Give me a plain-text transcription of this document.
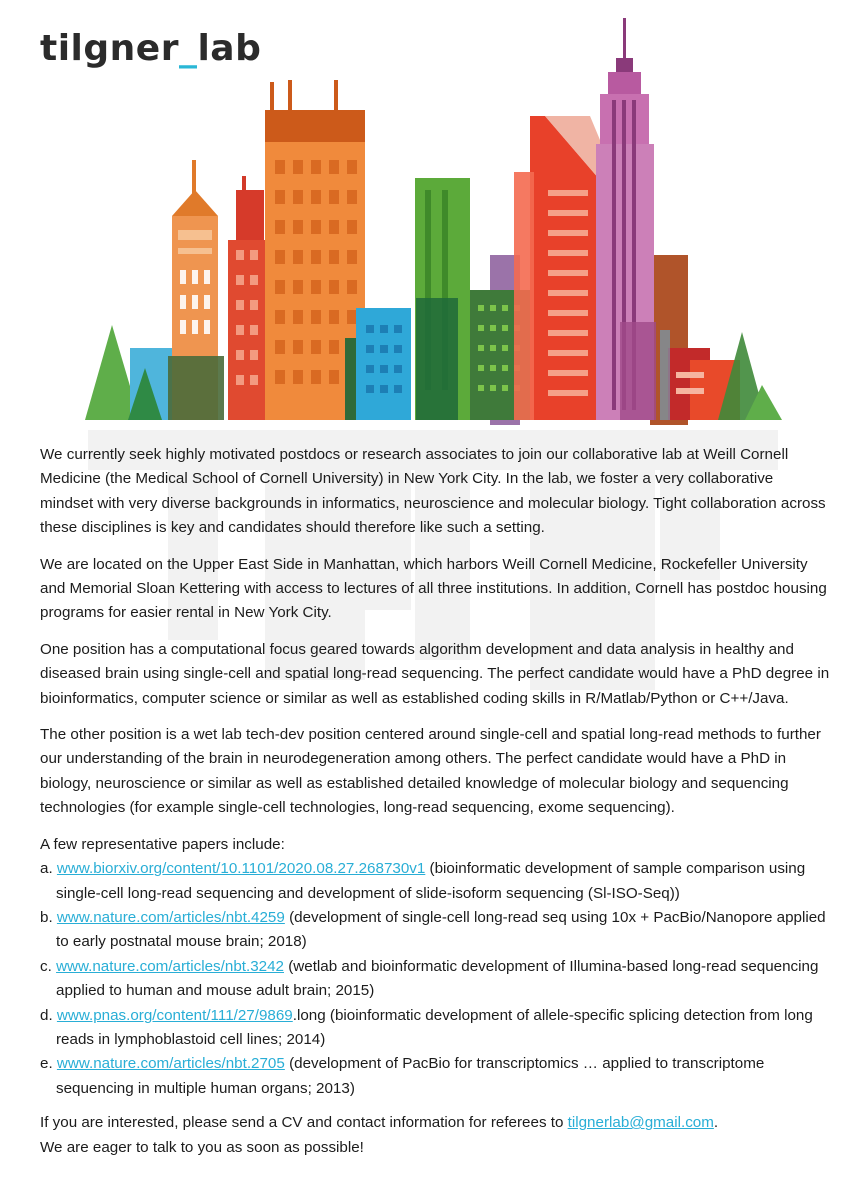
tilgner_lab

We currently seek highly motivated postdocs or research associates to join our collaborative lab at Weill Cornell Medicine (the Medical School of Cornell University) in New York City. In the lab, we foster a very collaborative mindset with very diverse backgrounds in informatics, neuroscience and molecular biology. Tight collaboration across these disciplines is key and candidates should therefore like such a setting.

We are located on the Upper East Side in Manhattan, which harbors Weill Cornell Medicine, Rockefeller University and Memorial Sloan Kettering with access to lectures of all three institutions. In addition, Cornell has postdoc housing programs for easier rental in New York City.

One position has a computational focus geared towards algorithm development and data analysis in healthy and diseased brain using single-cell and spatial long-read sequencing. The perfect candidate would have a PhD degree in bioinformatics, computer science or similar as well as established coding skills in R/Matlab/Python or C++/Java.

The other position is a wet lab tech-dev position centered around single-cell and spatial long-read methods to further our understanding of the brain in neurodegeneration among others. The perfect candidate would have a PhD in biology, neuroscience or similar as well as established detailed knowledge of molecular biology and sequencing technologies (for example single-cell technologies, long-read sequencing, exome sequencing).

A few representative papers include:
a. www.biorxiv.org/content/10.1101/2020.08.27.268730v1 (bioinformatic development of sample comparison using single-cell long-read sequencing and development of slide-isoform sequencing (Sl-ISO-Seq))
b. www.nature.com/articles/nbt.4259 (development of single-cell long-read seq using 10x + PacBio/Nanopore applied to early postnatal mouse brain; 2018)
c. www.nature.com/articles/nbt.3242 (wetlab and bioinformatic development of Illumina-based long-read sequencing applied to human and mouse adult brain; 2015)
d. www.pnas.org/content/111/27/9869.long (bioinformatic development of allele-specific splicing detection from long reads in lymphoblastoid cell lines; 2014)
e. www.nature.com/articles/nbt.2705 (development of PacBio for transcriptomics … applied to transcriptome sequencing in multiple human organs; 2013)
If you are interested, please send a CV and contact information for referees to tilgnerlab@gmail.com.
We are eager to talk to you as soon as possible!
